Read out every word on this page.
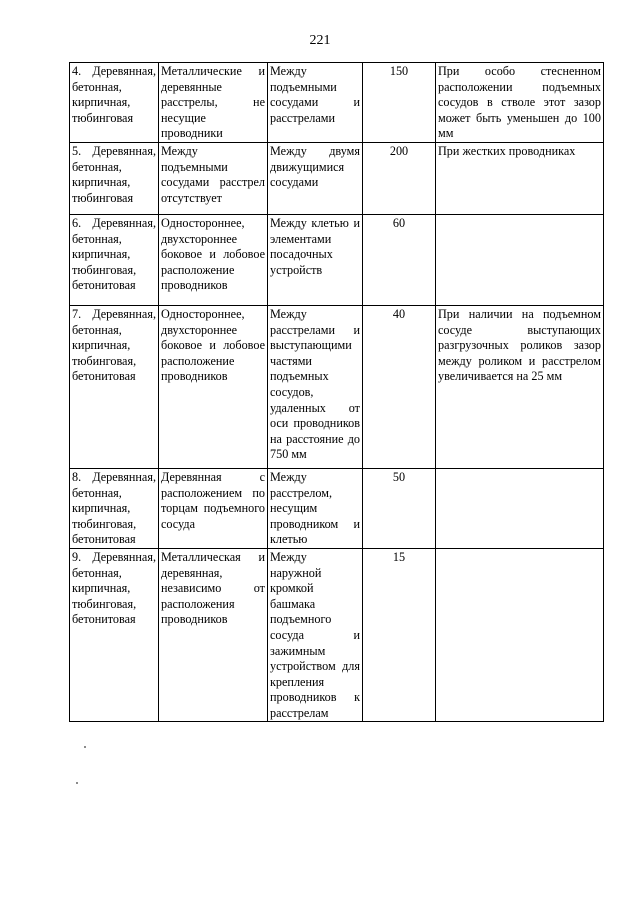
221
4. Деревянная, бетонная, кирпичная, тюбинговая	Металлические и деревянные расстрелы, не несущие проводники	Между подъемными сосудами и расстрелами	150	При особо стесненном расположении подъемных сосудов в стволе этот зазор может быть уменьшен до 100 мм
5. Деревянная, бетонная, кирпичная, тюбинговая	Между подъемными сосудами расстрел отсутствует	Между двумя движущимися сосудами	200	При жестких проводниках
6. Деревянная, бетонная, кирпичная, тюбинговая, бетонитовая	Одностороннее, двухстороннее боковое и лобовое расположение проводников	Между клетью и элементами посадочных устройств	60	
7. Деревянная, бетонная, кирпичная, тюбинговая, бетонитовая	Одностороннее, двухстороннее боковое и лобовое расположение проводников	Между расстрелами и выступающими частями подъемных сосудов, удаленных от оси проводников на расстояние до 750 мм	40	При наличии на подъемном сосуде выступающих разгрузочных роликов зазор между роликом и расстрелом увеличивается на 25 мм
8. Деревянная, бетонная, кирпичная, тюбинговая, бетонитовая	Деревянная с расположением по торцам подъемного сосуда	Между расстрелом, несущим проводником и клетью	50	
9. Деревянная, бетонная, кирпичная, тюбинговая, бетонитовая	Металлическая и деревянная, независимо от расположения проводников	Между наружной кромкой башмака подъемного сосуда и зажимным устройством для крепления проводников к расстрелам	15	
